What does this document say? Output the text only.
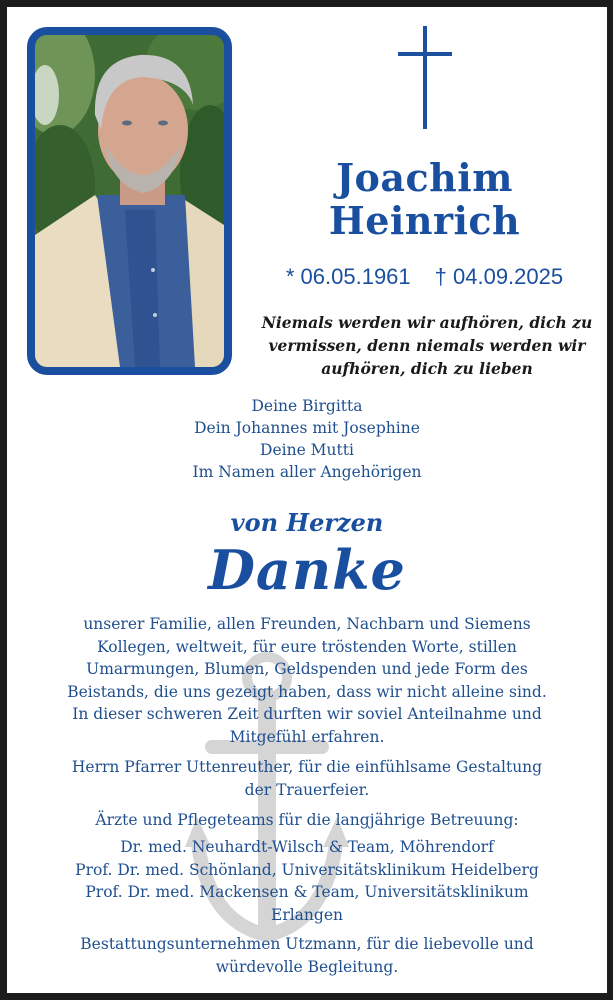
Joachim
Heinrich
* 06.05.1961 † 04.09.2025
Niemals werden wir aufhören, dich zu
vermissen, denn niemals werden wir
aufhören, dich zu lieben
Deine Birgitta
Dein Johannes mit Josephine
Deine Mutti
Im Namen aller Angehörigen
von Herzen
Danke
unserer Familie, allen Freunden, Nachbarn und Siemens
Kollegen, weltweit, für eure tröstenden Worte, stillen
Umarmungen, Blumen, Geldspenden und jede Form des
Beistands, die uns gezeigt haben, dass wir nicht alleine sind.
In dieser schweren Zeit durften wir soviel Anteilnahme und
Mitgefühl erfahren.
Herrn Pfarrer Uttenreuther, für die einfühlsame Gestaltung
der Trauerfeier.
Ärzte und Pflegeteams für die langjährige Betreuung:
Dr. med. Neuhardt-Wilsch & Team, Möhrendorf
Prof. Dr. med. Schönland, Universitätsklinikum Heidelberg
Prof. Dr. med. Mackensen & Team, Universitätsklinikum
Erlangen
Bestattungsunternehmen Utzmann, für die liebevolle und
würdevolle Begleitung.
